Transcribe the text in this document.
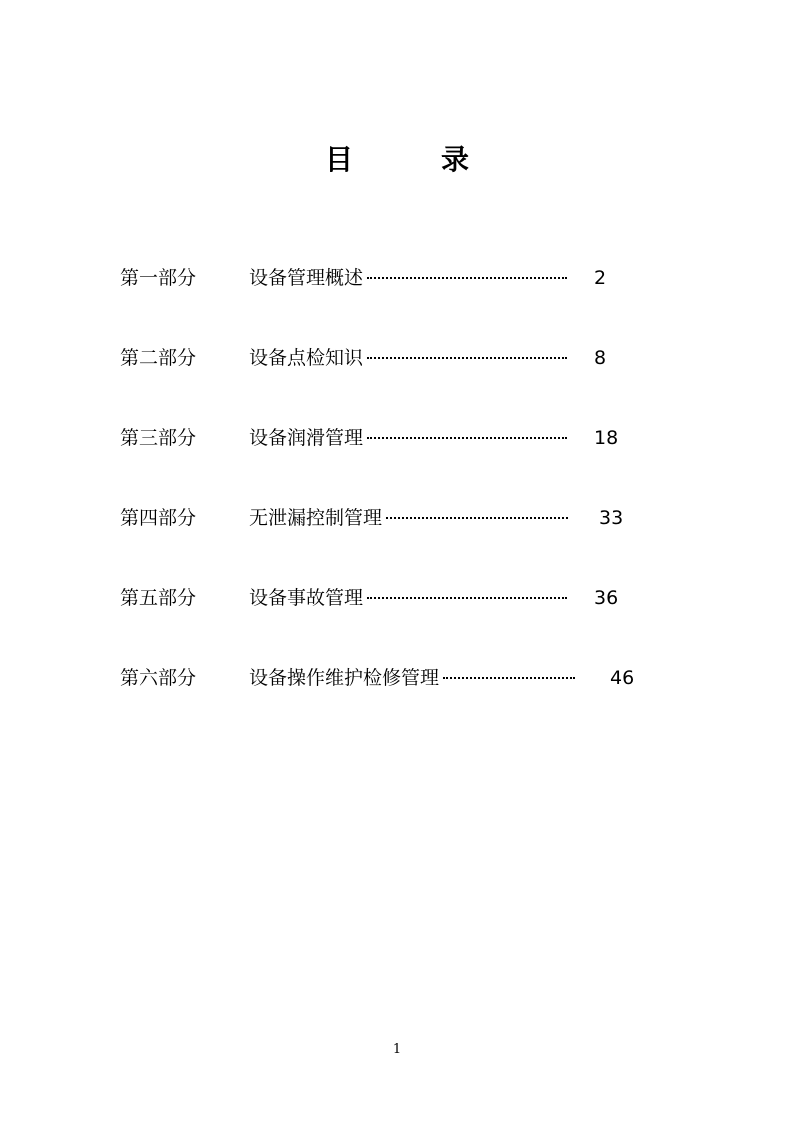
目	录
第一部分	设备管理概述	2
第二部分	设备点检知识	8
第三部分	设备润滑管理	18
第四部分	无泄漏控制管理	33
第五部分	设备事故管理	36
第六部分	设备操作维护检修管理	46
1
